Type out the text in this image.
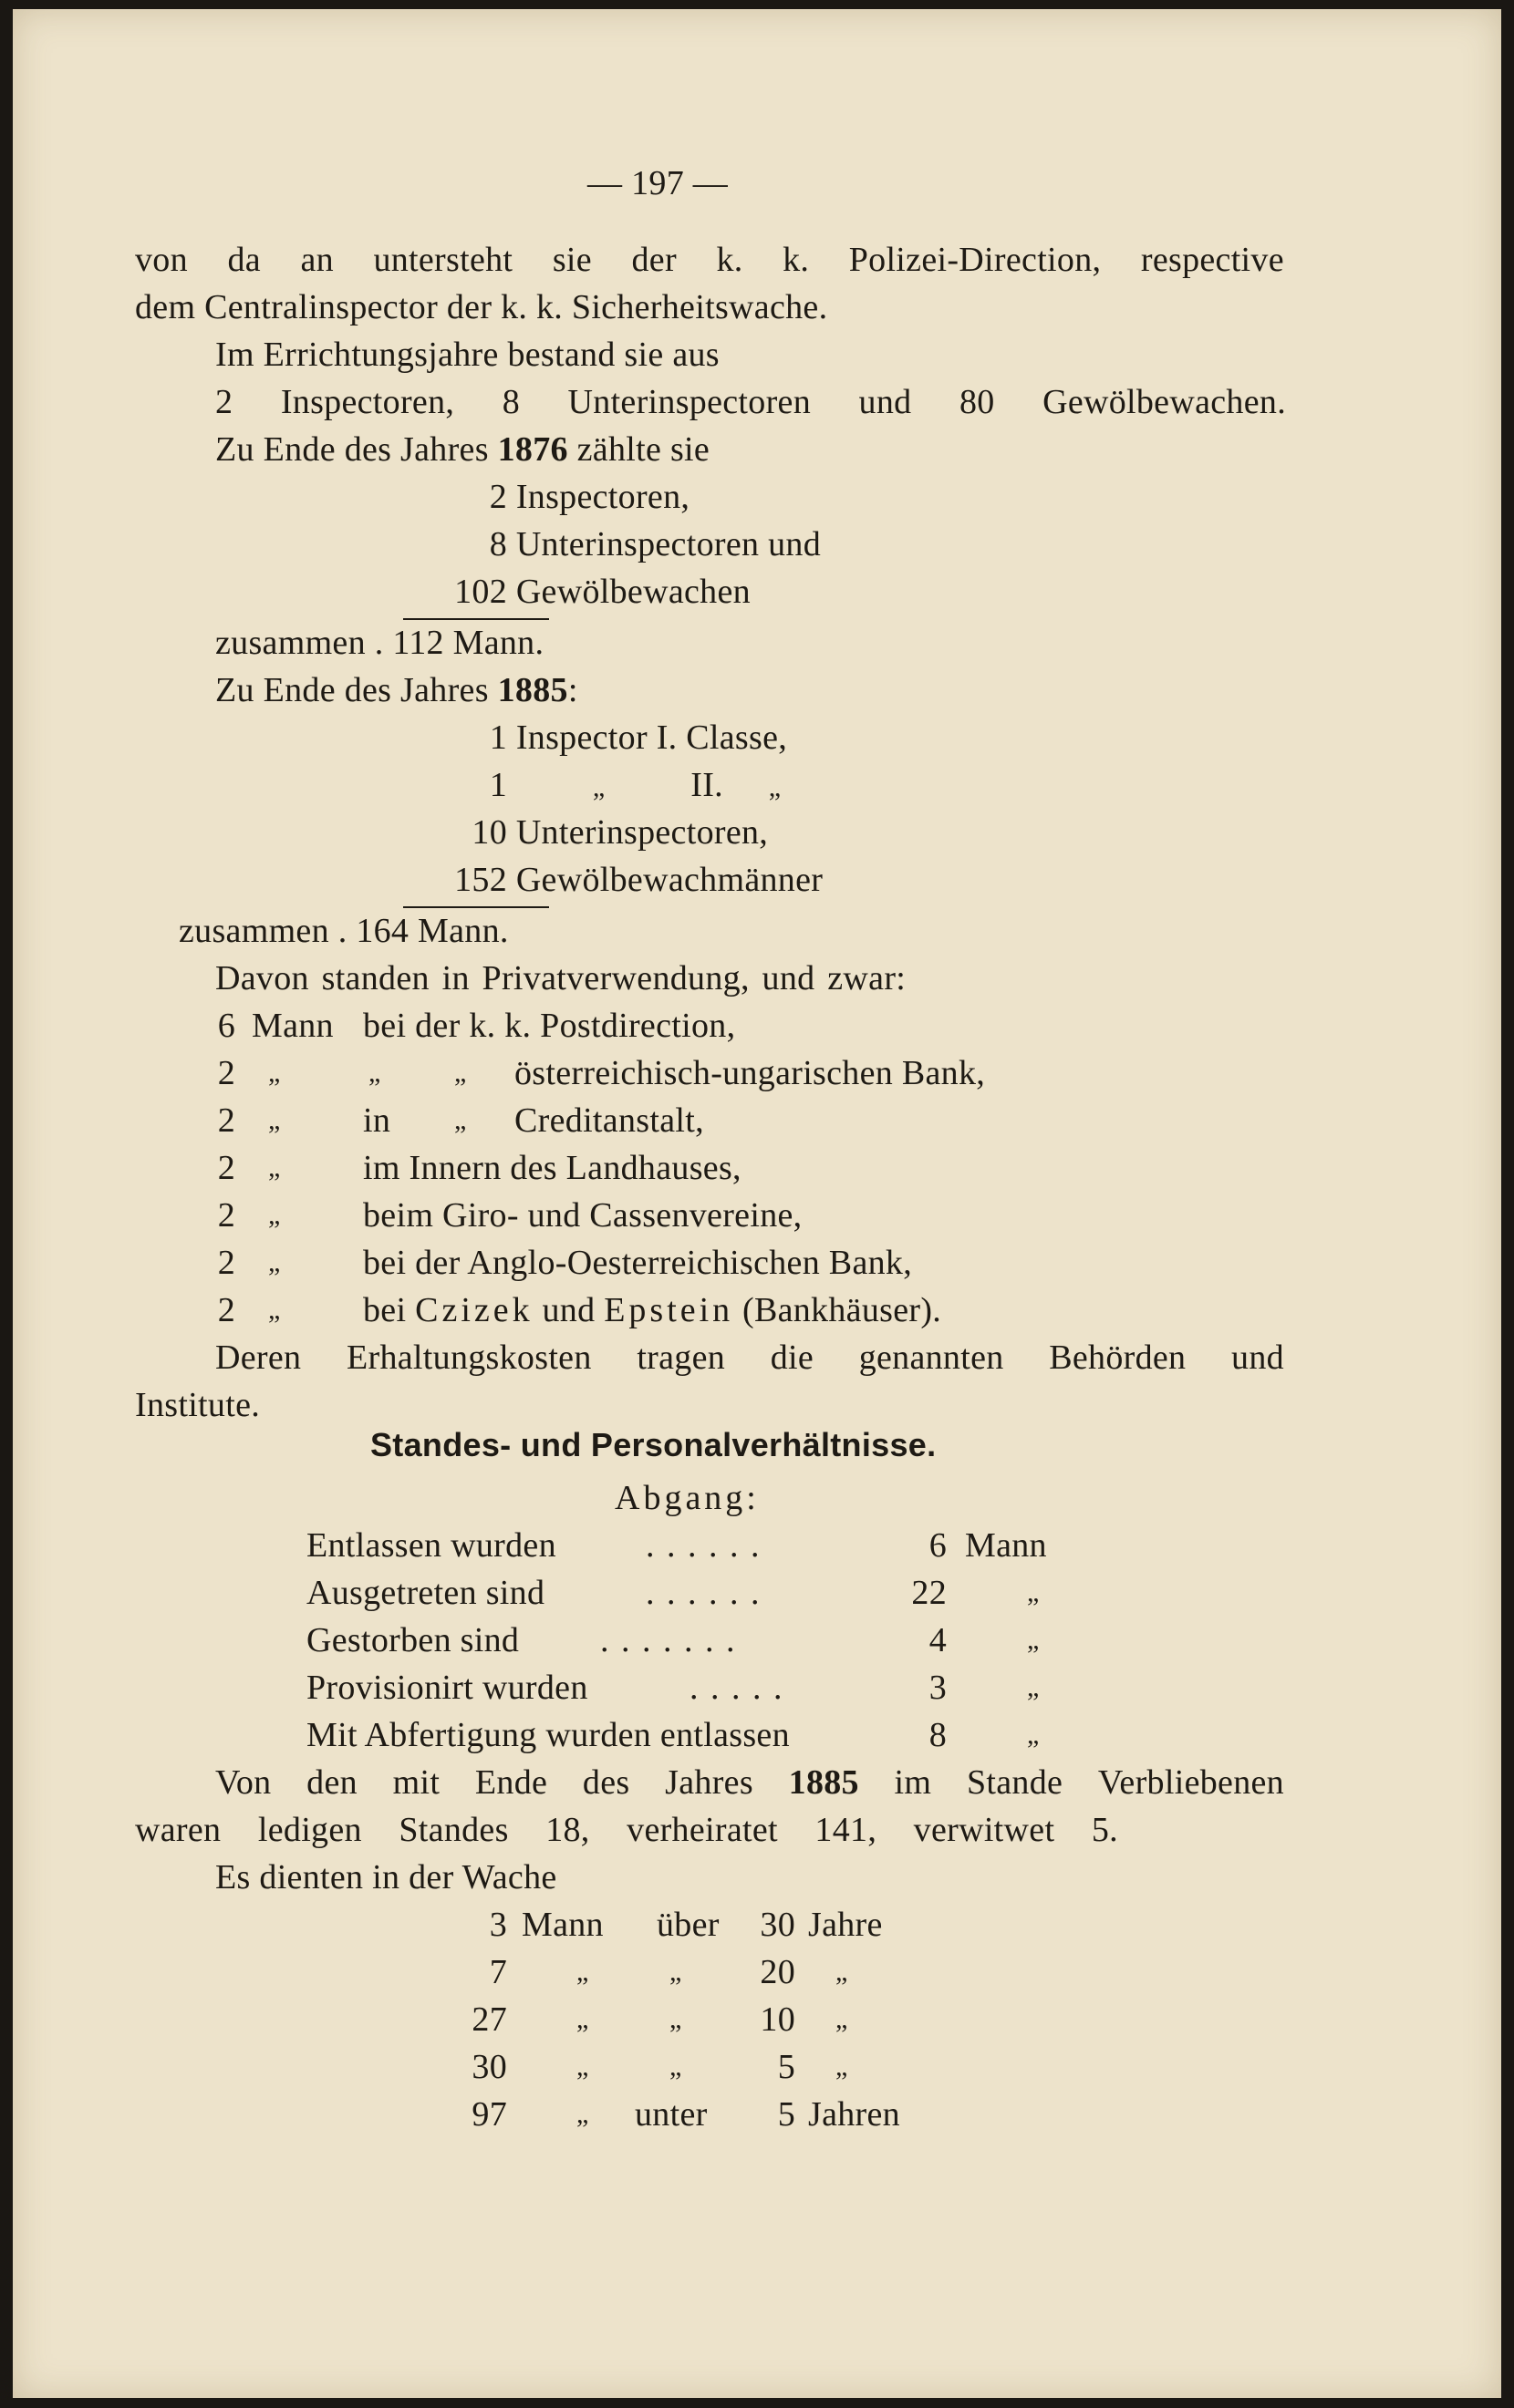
— 197 —
von da an untersteht sie der k. k. Polizei-Direction, respective
dem Centralinspector der k. k. Sicherheitswache.
Im Errichtungsjahre bestand sie aus
2 Inspectoren, 8 Unterinspectoren und 80 Gewölbewachen.
Zu Ende des Jahres 1876 zählte sie
2 Inspectoren,
8 Unterinspectoren und
102 Gewölbewachen
zusammen . 112 Mann.
Zu Ende des Jahres 1885:
1 Inspector I. Classe,
1	„ II. „
10 Unterinspectoren,
152 Gewölbewachmänner
zusammen . 164 Mann.
Davon standen in Privatverwendung, und zwar:
6 Mann bei der k. k. Postdirection,
2 „	„	„ österreichisch-ungarischen Bank,
2 „ in „ Creditanstalt,
2 „ im Innern des Landhauses,
2 „ beim Giro- und Cassenvereine,
2 „ bei der Anglo-Oesterreichischen Bank,
2 „ bei Czizek und Epstein (Bankhäuser).
Deren Erhaltungskosten tragen die genannten Behörden und
Institute.
Standes- und Personalverhältnisse.
Abgang:
Entlassen wurden	. . . . . .	6 Mann
Ausgetreten sind	. . . . . .	22	„
Gestorben sind . . . . . . .	4	„
Provisionirt wurden	. . . . .	3	„
Mit Abfertigung wurden entlassen	8	„
Von den mit Ende des Jahres 1885 im Stande Verbliebenen
waren ledigen Standes 18, verheiratet 141, verwitwet 5.
Es dienten in der Wache
3 Mann über	30 Jahre
7	„	„	20 „
27	„	„	10 „
30	„	„	5 „
97	„ unter	5 Jahren
